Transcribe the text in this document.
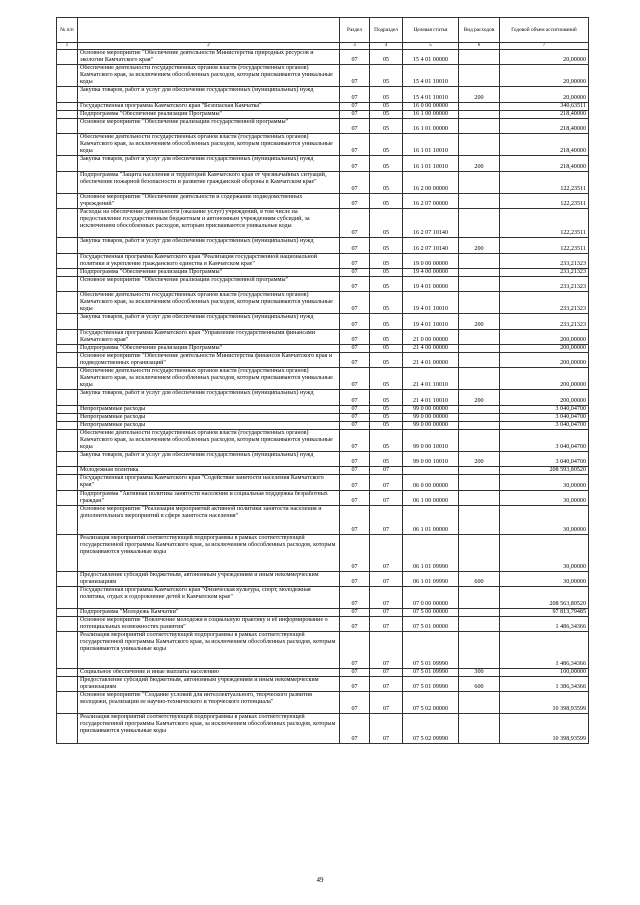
№ п/п		Раздел	Подраздел	Целевая статья	Вид расходов	Годовой объем ассигнований
1	2	3	4	5	6	7
	Основное мероприятие "Обеспечение деятельности Министерства природных ресурсов и экологии Камчатского края"	07	05	15 4 01 00000		20,00000
	Обеспечение деятельности государственных органов власти (государственных органов) Камчатского края, за исключением обособленных расходов, которым присваиваются уникальные коды	07	05	15 4 01 10010		20,00000
	Закупка товаров, работ и услуг для обеспечения государственных (муниципальных) нужд	07	05	15 4 01 10010	200	20,00000
	Государственная программа Камчатского края "Безопасная Камчатка"	07	05	16 0 00 00000		340,63511
	Подпрограмма "Обеспечение реализации Программы"	07	05	16 1 00 00000		218,40000
	Основное мероприятие "Обеспечение реализации государственной программы"	07	05	16 1 01 00000		218,40000
	Обеспечение деятельности государственных органов власти (государственных органов) Камчатского края, за исключением обособленных расходов, которым присваиваются уникальные коды	07	05	16 1 01 10010		218,40000
	Закупка товаров, работ и услуг для обеспечения государственных (муниципальных) нужд	07	05	16 1 01 10010	200	218,40000
	Подпрограмма "Защита населения и территорий Камчатского края от чрезвычайных ситуаций, обеспечение пожарной безопасности и развитие гражданской обороны в Камчатском крае"	07	05	16 2 00 00000		122,23511
	Основное мероприятие "Обеспечение деятельности и содержание подведомственных учреждений"	07	05	16 2 07 00000		122,23511
	Расходы на обеспечение деятельности (оказание услуг) учреждений, в том числе на предоставление государственным бюджетным и автономным учреждениям субсидий, за исключением обособленных расходов, которым присваиваются уникальные коды	07	05	16 2 07 10140		122,23511
	Закупка товаров, работ и услуг для обеспечения государственных (муниципальных) нужд	07	05	16 2 07 10140	200	122,23511
	Государственная программа Камчатского края "Реализация государственной национальной политики и укрепление гражданского единства в Камчатском крае"	07	05	19 0 00 00000		233,21323
	Подпрограмма "Обеспечение реализации Программы"	07	05	19 4 00 00000		233,21323
	Основное мероприятие "Обеспечение реализации государственной программы"	07	05	19 4 01 00000		233,21323
	Обеспечение деятельности государственных органов власти (государственных органов) Камчатского края, за исключением обособленных расходов, которым присваиваются уникальные коды	07	05	19 4 01 10010		233,21323
	Закупка товаров, работ и услуг для обеспечения государственных (муниципальных) нужд	07	05	19 4 01 10010	200	233,21323
	Государственная программа Камчатского края "Управление государственными финансами Камчатского края"	07	05	21 0 00 00000		200,00000
	Подпрограмма "Обеспечение реализации Программы"	07	05	21 4 00 00000		200,00000
	Основное мероприятие "Обеспечение деятельности Министерства финансов Камчатского края и подведомственных организаций"	07	05	21 4 01 00000		200,00000
	Обеспечение деятельности государственных органов власти (государственных органов) Камчатского края, за исключением обособленных расходов, которым присваиваются уникальные коды	07	05	21 4 01 10010		200,00000
	Закупка товаров, работ и услуг для обеспечения государственных (муниципальных) нужд	07	05	21 4 01 10010	200	200,00000
	Непрограммные расходы	07	05	99 0 00 00000		3 040,04700
	Непрограммные расходы	07	05	99 0 00 00000		3 040,04700
	Непрограммные расходы	07	05	99 0 00 00000		3 040,04700
	Обеспечение деятельности государственных органов власти (государственных органов) Камчатского края, за исключением обособленных расходов, которым присваиваются уникальные коды	07	05	99 0 00 10010		3 040,04700
	Закупка товаров, работ и услуг для обеспечения государственных (муниципальных) нужд	07	05	99 0 00 10010	200	3 040,04700
	Молодежная политика	07	07			208 593,80520
	Государственная программа Камчатского края "Содействие занятости населения Камчатского края"	07	07	06 0 00 00000		30,00000
	Подпрограмма "Активная политика занятости населения и социальная поддержка безработных граждан"	07	07	06 1 00 00000		30,00000
	Основное мероприятие "Реализация мероприятий активной политики занятости населения и дополнительных мероприятий в сфере занятости населения"	07	07	06 1 01 00000		30,00000
	Реализация мероприятий соответствующей подпрограммы в рамках соответствующей государственной программы Камчатского края, за исключением обособленных расходов, которым присваиваются уникальные коды	07	07	06 1 01 09990		30,00000
	Предоставление субсидий бюджетным, автономным учреждениям и иным некоммерческим организациям	07	07	06 1 01 09990	600	30,00000
	Государственная программа Камчатского края "Физическая культура, спорт, молодежная политика, отдых и оздоровление детей в Камчатском крае"	07	07	07 0 00 00000		208 563,80520
	Подпрограмма "Молодежь Камчатки"	07	07	07 5 00 00000		97 813,79485
	Основное мероприятие "Вовлечение молодежи в социальную практику и её информирование о потенциальных возможностях развития"	07	07	07 5 01 00000		1 486,34366
	Реализация мероприятий соответствующей подпрограммы в рамках соответствующей государственной программы Камчатского края, за исключением обособленных расходов, которым присваиваются уникальные коды	07	07	07 5 01 09990		1 486,34366
	Социальное обеспечение и иные выплаты населению	07	07	07 5 01 09990	300	100,00000
	Предоставление субсидий бюджетным, автономным учреждениям и иным некоммерческим организациям	07	07	07 5 01 09990	600	1 386,34366
	Основное мероприятие "Создание условий для интеллектуального, творческого развития молодежи, реализации ее научно-технического и творческого потенциала"	07	07	07 5 02 00000		10 398,93599
	Реализация мероприятий соответствующей подпрограммы в рамках соответствующей государственной программы Камчатского края, за исключением обособленных расходов, которым присваиваются уникальные коды	07	07	07 5 02 09990		10 398,93599
49
